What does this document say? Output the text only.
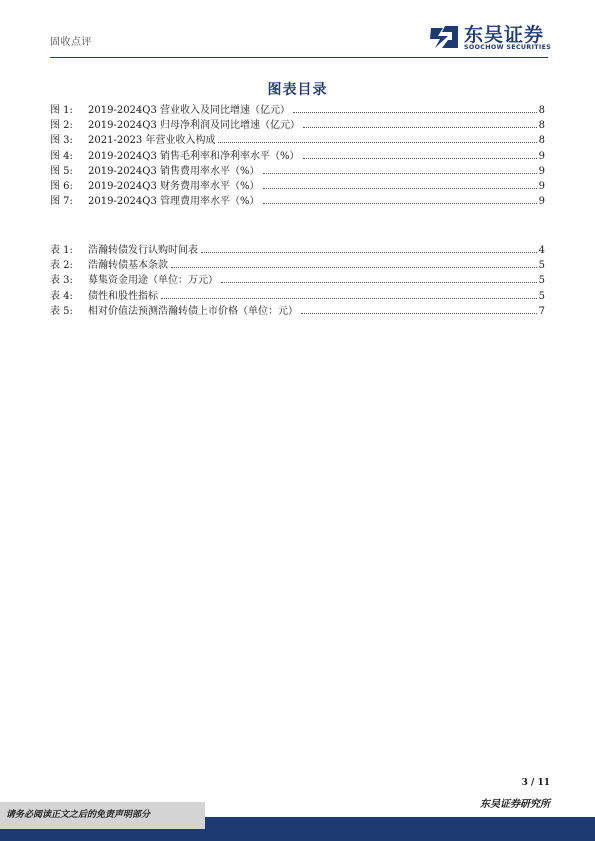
固收点评	东吴证券
SOOCHOW SECURITIES
图表目录
图 1:	2019-2024Q3 营业收入及同比增速（亿元）	8
图 2:	2019-2024Q3 归母净利润及同比增速（亿元）	8
图 3:	2021-2023 年营业收入构成	8
图 4:	2019-2024Q3 销售毛利率和净利率水平（%）	9
图 5:	2019-2024Q3 销售费用率水平（%）	9
图 6:	2019-2024Q3 财务费用率水平（%）	9
图 7:	2019-2024Q3 管理费用率水平（%）	9
表 1:	浩瀚转债发行认购时间表	4
表 2:	浩瀚转债基本条款	5
表 3:	募集资金用途（单位：万元）	5
表 4:	债性和股性指标	5
表 5:	相对价值法预测浩瀚转债上市价格（单位：元）	7
3 / 11
东吴证券研究所
请务必阅读正文之后的免责声明部分
